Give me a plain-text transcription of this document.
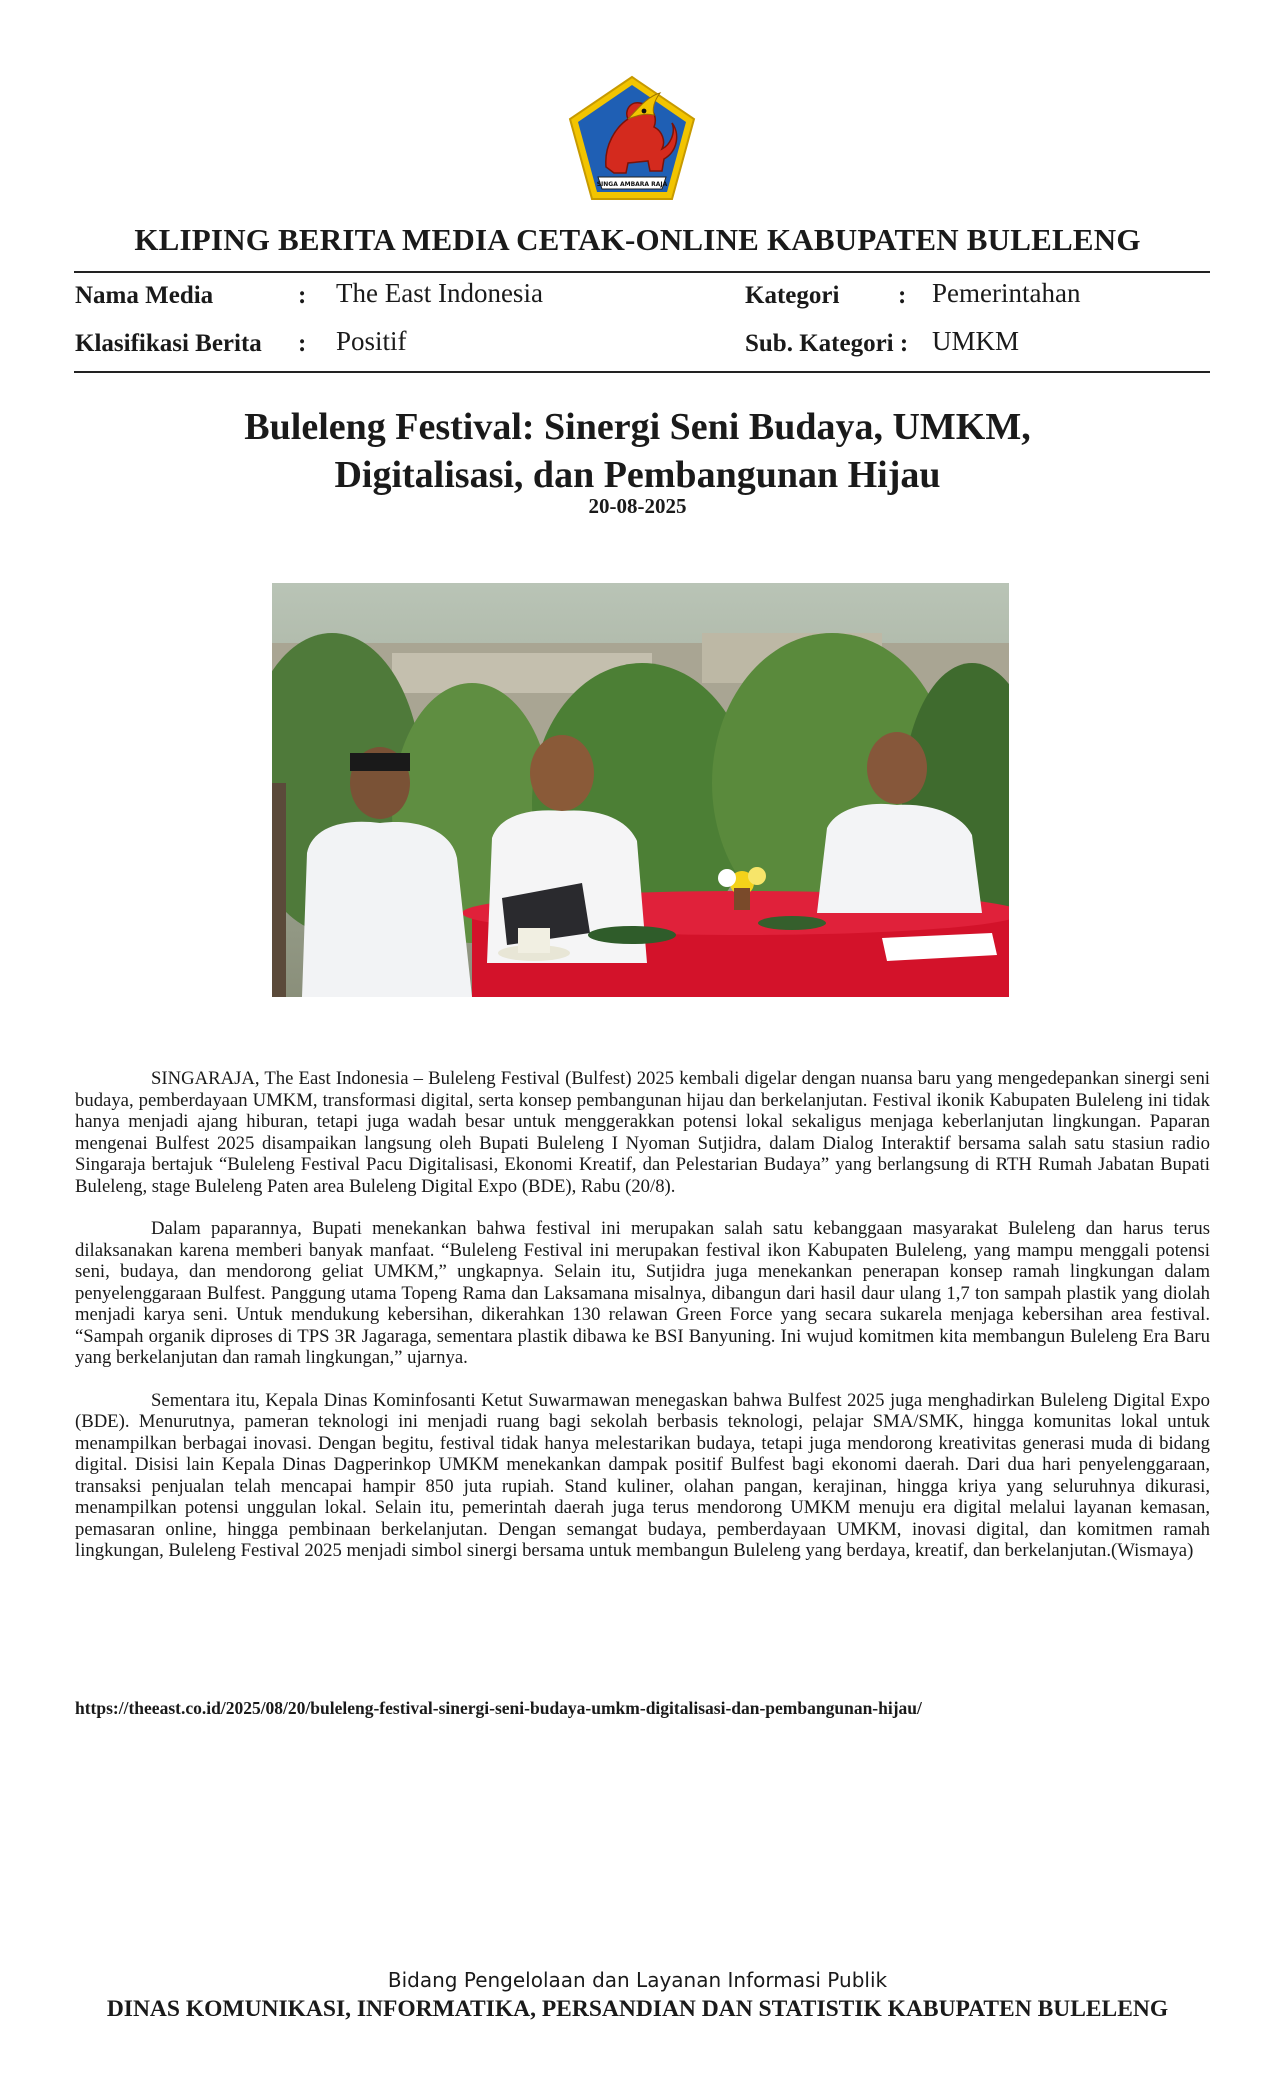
SINGA AMBARA RAJA
KLIPING BERITA MEDIA CETAK-ONLINE KABUPATEN BULELENG
Nama Media	: The East Indonesia	Kategori : Pemerintahan
Klasifikasi Berita : Positif	Sub. Kategori : UMKM
Buleleng Festival: Sinergi Seni Budaya, UMKM,
Digitalisasi, dan Pembangunan Hijau
20-08-2025

SINGARAJA, The East Indonesia – Buleleng Festival (Bulfest) 2025 kembali digelar dengan nuansa baru yang mengedepankan sinergi seni budaya, pemberdayaan UMKM, transformasi digital, serta konsep pembangunan hijau dan berkelanjutan. Festival ikonik Kabupaten Buleleng ini tidak hanya menjadi ajang hiburan, tetapi juga wadah besar untuk menggerakkan potensi lokal sekaligus menjaga keberlanjutan lingkungan. Paparan mengenai Bulfest 2025 disampaikan langsung oleh Bupati Buleleng I Nyoman Sutjidra, dalam Dialog Interaktif bersama salah satu stasiun radio Singaraja bertajuk “Buleleng Festival Pacu Digitalisasi, Ekonomi Kreatif, dan Pelestarian Budaya” yang berlangsung di RTH Rumah Jabatan Bupati Buleleng, stage Buleleng Paten area Buleleng Digital Expo (BDE), Rabu (20/8).

Dalam paparannya, Bupati menekankan bahwa festival ini merupakan salah satu kebanggaan masyarakat Buleleng dan harus terus dilaksanakan karena memberi banyak manfaat. “Buleleng Festival ini merupakan festival ikon Kabupaten Buleleng, yang mampu menggali potensi seni, budaya, dan mendorong geliat UMKM,” ungkapnya. Selain itu, Sutjidra juga menekankan penerapan konsep ramah lingkungan dalam penyelenggaraan Bulfest. Panggung utama Topeng Rama dan Laksamana misalnya, dibangun dari hasil daur ulang 1,7 ton sampah plastik yang diolah menjadi karya seni. Untuk mendukung kebersihan, dikerahkan 130 relawan Green Force yang secara sukarela menjaga kebersihan area festival. “Sampah organik diproses di TPS 3R Jagaraga, sementara plastik dibawa ke BSI Banyuning. Ini wujud komitmen kita membangun Buleleng Era Baru yang berkelanjutan dan ramah lingkungan,” ujarnya.

Sementara itu, Kepala Dinas Kominfosanti Ketut Suwarmawan menegaskan bahwa Bulfest 2025 juga menghadirkan Buleleng Digital Expo (BDE). Menurutnya, pameran teknologi ini menjadi ruang bagi sekolah berbasis teknologi, pelajar SMA/SMK, hingga komunitas lokal untuk menampilkan berbagai inovasi. Dengan begitu, festival tidak hanya melestarikan budaya, tetapi juga mendorong kreativitas generasi muda di bidang digital. Disisi lain Kepala Dinas Dagperinkop UMKM menekankan dampak positif Bulfest bagi ekonomi daerah. Dari dua hari penyelenggaraan, transaksi penjualan telah mencapai hampir 850 juta rupiah. Stand kuliner, olahan pangan, kerajinan, hingga kriya yang seluruhnya dikurasi, menampilkan potensi unggulan lokal. Selain itu, pemerintah daerah juga terus mendorong UMKM menuju era digital melalui layanan kemasan, pemasaran online, hingga pembinaan berkelanjutan. Dengan semangat budaya, pemberdayaan UMKM, inovasi digital, dan komitmen ramah lingkungan, Buleleng Festival 2025 menjadi simbol sinergi bersama untuk membangun Buleleng yang berdaya, kreatif, dan berkelanjutan.(Wismaya)

https://theeast.co.id/2025/08/20/buleleng-festival-sinergi-seni-budaya-umkm-digitalisasi-dan-pembangunan-hijau/
Bidang Pengelolaan dan Layanan Informasi Publik
DINAS KOMUNIKASI, INFORMATIKA, PERSANDIAN DAN STATISTIK KABUPATEN BULELENG
